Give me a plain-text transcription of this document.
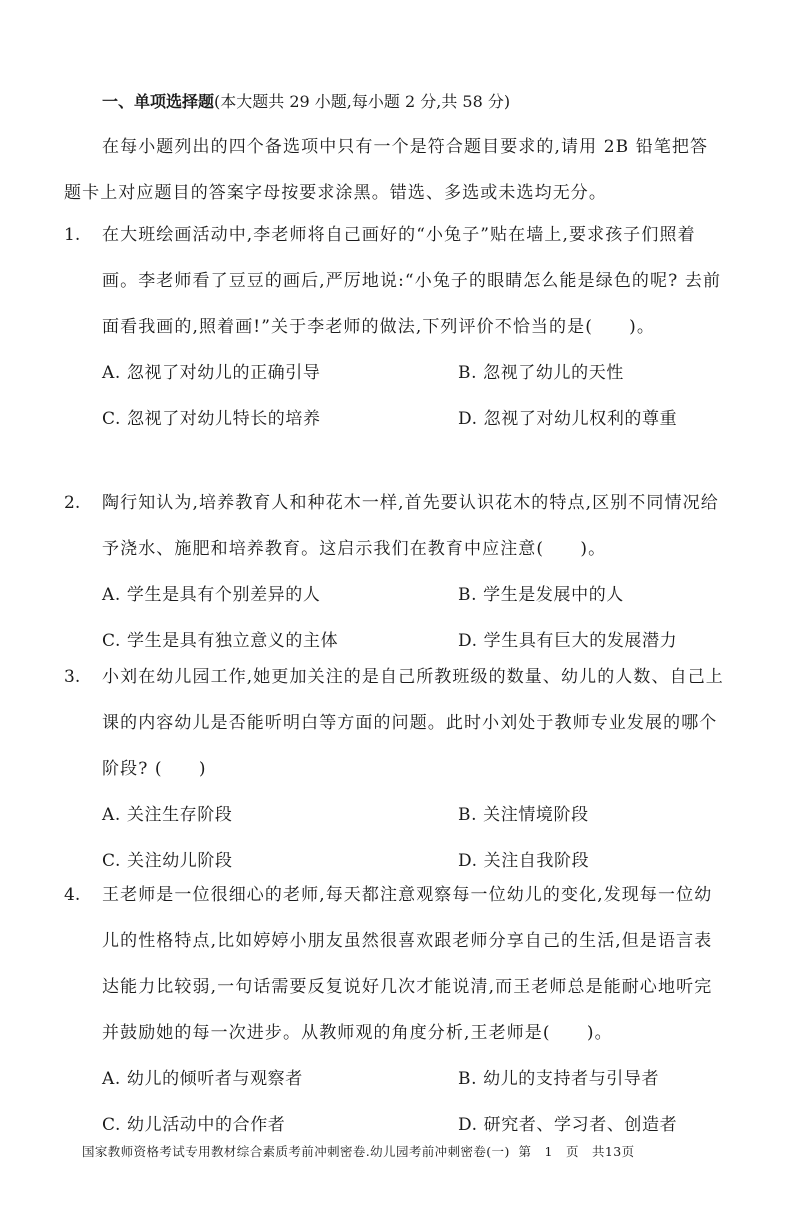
一、单项选择题(本大题共 29 小题,每小题 2 分,共 58 分)
在每小题列出的四个备选项中只有一个是符合题目要求的,请用 2B 铅笔把答题卡上对应题目的答案字母按要求涂黑。错选、多选或未选均无分。
1.	在大班绘画活动中,李老师将自己画好的“小兔子”贴在墙上,要求孩子们照着画。李老师看了豆豆的画后,严厉地说:“小兔子的眼睛怎么能是绿色的呢? 去前面看我画的,照着画!”关于李老师的做法,下列评价不恰当的是(　　)。
A. 忽视了对幼儿的正确引导	B. 忽视了幼儿的天性
C. 忽视了对幼儿特长的培养	D. 忽视了对幼儿权利的尊重
2.	陶行知认为,培养教育人和种花木一样,首先要认识花木的特点,区别不同情况给予浇水、施肥和培养教育。这启示我们在教育中应注意(　　)。
A. 学生是具有个别差异的人	B. 学生是发展中的人
C. 学生是具有独立意义的主体	D. 学生具有巨大的发展潜力
3.	小刘在幼儿园工作,她更加关注的是自己所教班级的数量、幼儿的人数、自己上课的内容幼儿是否能听明白等方面的问题。此时小刘处于教师专业发展的哪个阶段? (　　)
A. 关注生存阶段	B. 关注情境阶段
C. 关注幼儿阶段	D. 关注自我阶段
4.	王老师是一位很细心的老师,每天都注意观察每一位幼儿的变化,发现每一位幼儿的性格特点,比如婷婷小朋友虽然很喜欢跟老师分享自己的生活,但是语言表达能力比较弱,一句话需要反复说好几次才能说清,而王老师总是能耐心地听完并鼓励她的每一次进步。从教师观的角度分析,王老师是(　　)。
A. 幼儿的倾听者与观察者	B. 幼儿的支持者与引导者
C. 幼儿活动中的合作者	D. 研究者、学习者、创造者
国家教师资格考试专用教材综合素质考前冲刺密卷.幼儿园考前冲刺密卷(一) 第 1 页 共13页
